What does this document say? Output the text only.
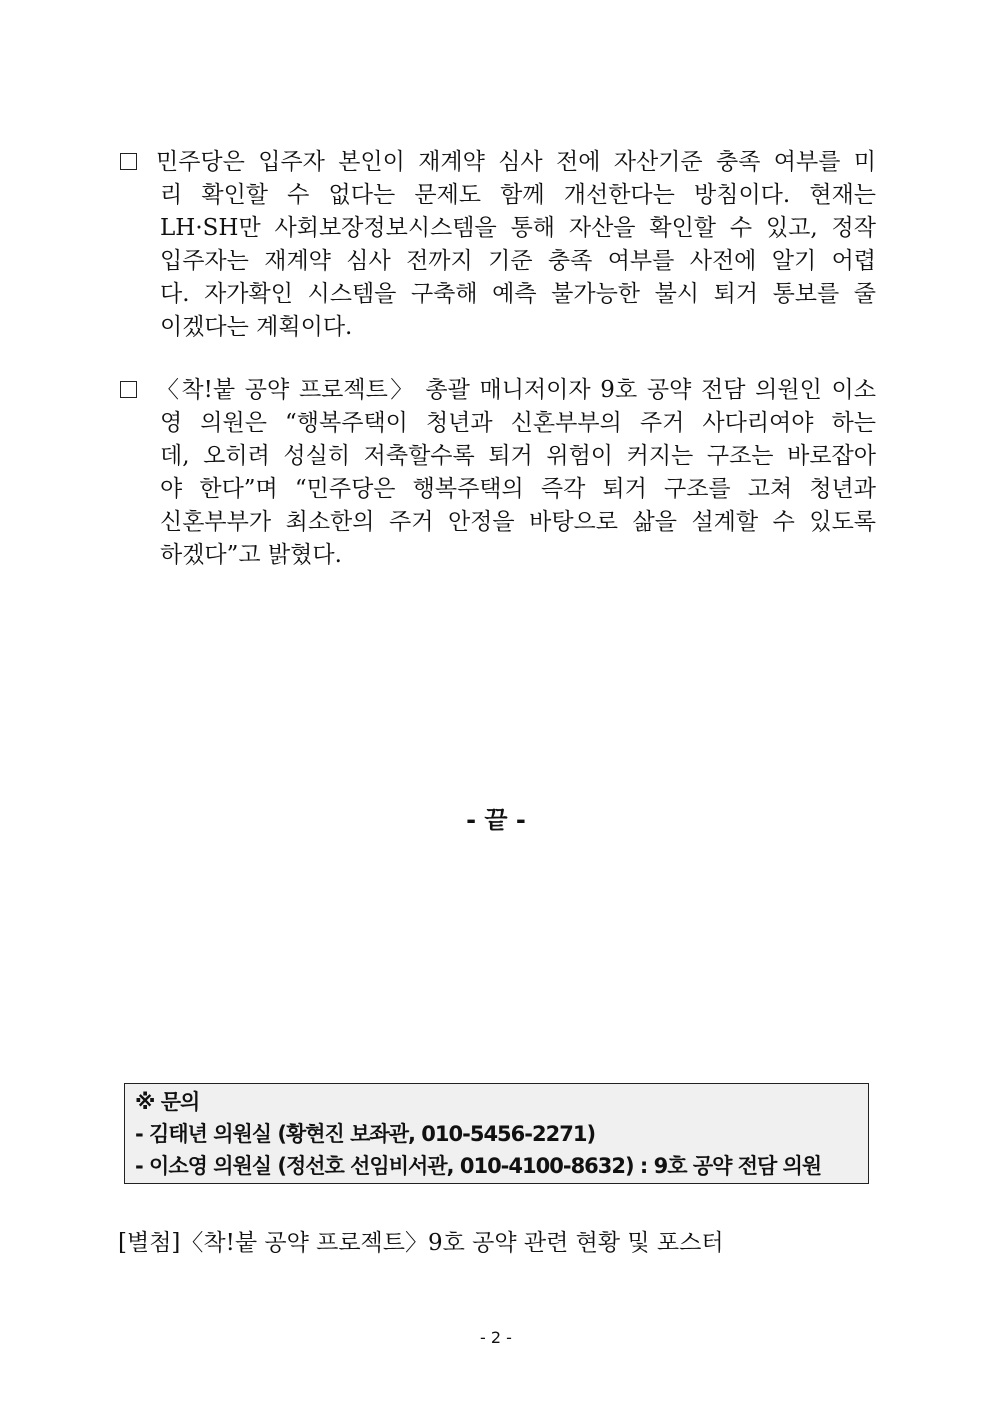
민주당은 입주자 본인이 재계약 심사 전에 자산기준 충족 여부를 미
리 확인할 수 없다는 문제도 함께 개선한다는 방침이다. 현재는
LH·SH만 사회보장정보시스템을 통해 자산을 확인할 수 있고, 정작
입주자는 재계약 심사 전까지 기준 충족 여부를 사전에 알기 어렵
다. 자가확인 시스템을 구축해 예측 불가능한 불시 퇴거 통보를 줄
이겠다는 계획이다.
〈착!붙 공약 프로젝트〉 총괄 매니저이자 9호 공약 전담 의원인 이소
영 의원은 “행복주택이 청년과 신혼부부의 주거 사다리여야 하는
데, 오히려 성실히 저축할수록 퇴거 위험이 커지는 구조는 바로잡아
야 한다”며 “민주당은 행복주택의 즉각 퇴거 구조를 고쳐 청년과
신혼부부가 최소한의 주거 안정을 바탕으로 삶을 설계할 수 있도록
하겠다”고 밝혔다.
- 끝 -
※ 문의
- 김태년 의원실 (황현진 보좌관, 010-5456-2271)
- 이소영 의원실 (정선호 선임비서관, 010-4100-8632) : 9호 공약 전담 의원
[별첨]〈착!붙 공약 프로젝트〉9호 공약 관련 현황 및 포스터
- 2 -
